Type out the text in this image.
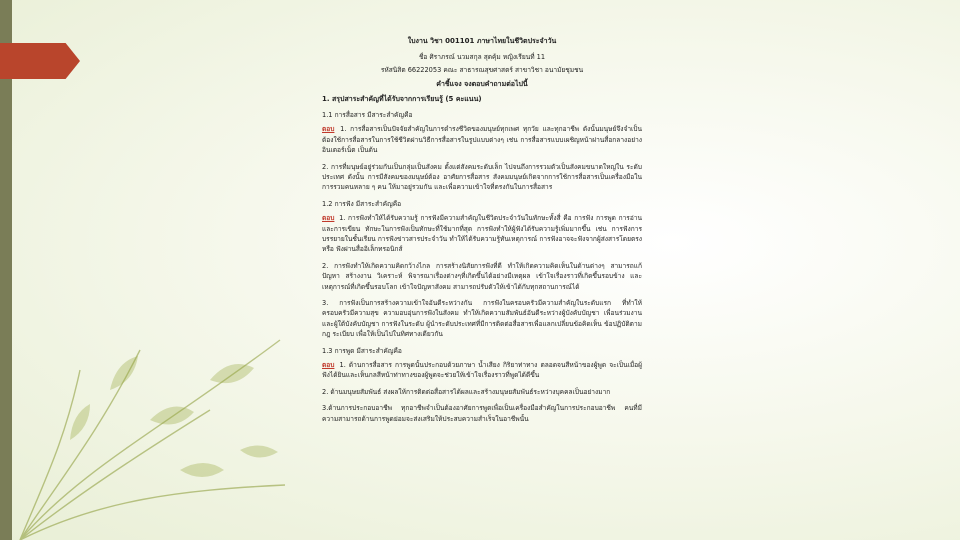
ใบงาน วิชา 001101 ภาษาไทยในชีวิตประจำวัน
ชื่อ ศิราภรณ์ นวมสกุล สุดคุ้ม หญิงเรียนที่ 11
รหัสนิสิต 66222053 คณะ สาธารณสุขศาสตร์ สาขาวิชา อนามัยชุมชน
คำชี้แจง จงตอบคำถามต่อไปนี้
1. สรุปสาระสำคัญที่ได้รับจากการเรียนรู้ (5 คะแนน)
1.1 การสื่อสาร มีสาระสำคัญคือ
ตอบ 1. การสื่อสารเป็นปัจจัยสำคัญในการดำรงชีวิตของมนุษย์ทุกเพศ ทุกวัย และทุกอาชีพ ดังนั้นมนุษย์จึงจำเป็นต้องใช้การสื่อสารในการใช้ชีวิตผ่านวิธีการสื่อสารในรูปแบบต่างๆ เช่น การสื่อสารแบบเผชิญหน้าผ่านสื่อกลางอย่างอินเตอร์เน็ต เป็นต้น
2. การที่มนุษย์อยู่ร่วมกันเป็นกลุ่มเป็นสังคม ตั้งแต่สังคมระดับเล็ก ไปจนถึงการรวมตัวเป็นสังคมขนาดใหญ่ใน ระดับประเทศ ดังนั้น การมีสังคมของมนุษย์ต้อง อาศัยการสื่อสาร สังคมมนุษย์เกิดจากการใช้การสื่อสารเป็นเครื่องมือในการรวมคนหลาย ๆ คน ให้มาอยู่รวมกัน และเพื่อความเข้าใจที่ตรงกันในการสื่อสาร
1.2 การฟัง มีสาระสำคัญคือ
ตอบ 1. การฟังทำให้ได้รับความรู้ การฟังมีความสำคัญในชีวิตประจำวันในทักษะทั้งสี่ คือ การฟัง การพูด การอ่าน และการเขียน ทักษะในการฟังเป็นทักษะที่ใช้มากที่สุด การฟังทำให้ผู้ฟังได้รับความรู้เพิ่มมากขึ้น เช่น การฟังการบรรยายในชั้นเรียน การฟังข่าวสารประจำวัน ทำให้ได้รับความรู้ทันเหตุการณ์ การฟังอาจจะฟังจากผู้ส่งสารโดยตรง หรือ ฟังผ่านสื่ออิเล็กทรอนิกส์
2. การฟังทำให้เกิดความคิดกว้างไกล การสร้างนิสัยการฟังที่ดี ทำให้เกิดความคิดเห็นในด้านต่างๆ สามารถแก้ปัญหา สร้างงาน วิเคราะห์ พิจารณาเรื่องต่างๆที่เกิดขึ้นได้อย่างมีเหตุผล เข้าใจเรื่องราวที่เกิดขึ้นรอบข้าง และเหตุการณ์ที่เกิดขึ้นรอบโลก เข้าใจปัญหาสังคม สามารถปรับตัวให้เข้าได้กับทุกสถานการณ์ได้
3. การฟังเป็นการสร้างความเข้าใจอันดีระหว่างกัน การฟังในครอบครัวมีความสำคัญในระดับแรก ที่ทำให้ครอบครัวมีความสุข ความอบอุ่นการฟังในสังคม ทำให้เกิดความสัมพันธ์อันดีระหว่างผู้บังคับบัญชา เพื่อนร่วมงานและผู้ใต้บังคับบัญชา การฟังในระดับ ผู้นำระดับประเทศที่มีการติดต่อสื่อสารเพื่อแลกเปลี่ยนข้อคิดเห็น ข้อปฏิบัติตามกฎ ระเบียบ เพื่อให้เป็นไปในทิศทางเดียวกัน
1.3 การพูด มีสาระสำคัญคือ
ตอบ 1. ด้านการสื่อสาร การพูดนั้นประกอบด้วยภาษา น้ำเสียง กิริยาท่าทาง ตลอดจนสีหน้าของผู้พูด จะเป็นเมื่อผู้ฟังได้ยินและเห็นกลสีหน้าท่าทางของผู้พูดจะช่วยให้เข้าใจเรื่องราวที่พูดได้ดีขึ้น
2. ด้านมนุษยสัมพันธ์ ส่งผลให้การติดต่อสื่อสารได้ผลและสร้างมนุษยสัมพันธ์ระหว่างบุคคลเป็นอย่างมาก
3.ด้านการประกอบอาชีพ ทุกอาชีพจำเป็นต้องอาศัยการพูดเพื่อเป็นเครื่องมือสำคัญในการประกอบอาชีพ คนที่มีความสามารถด้านการพูดย่อมจะส่งเสริมให้ประสบความสำเร็จในอาชีพนั้น
